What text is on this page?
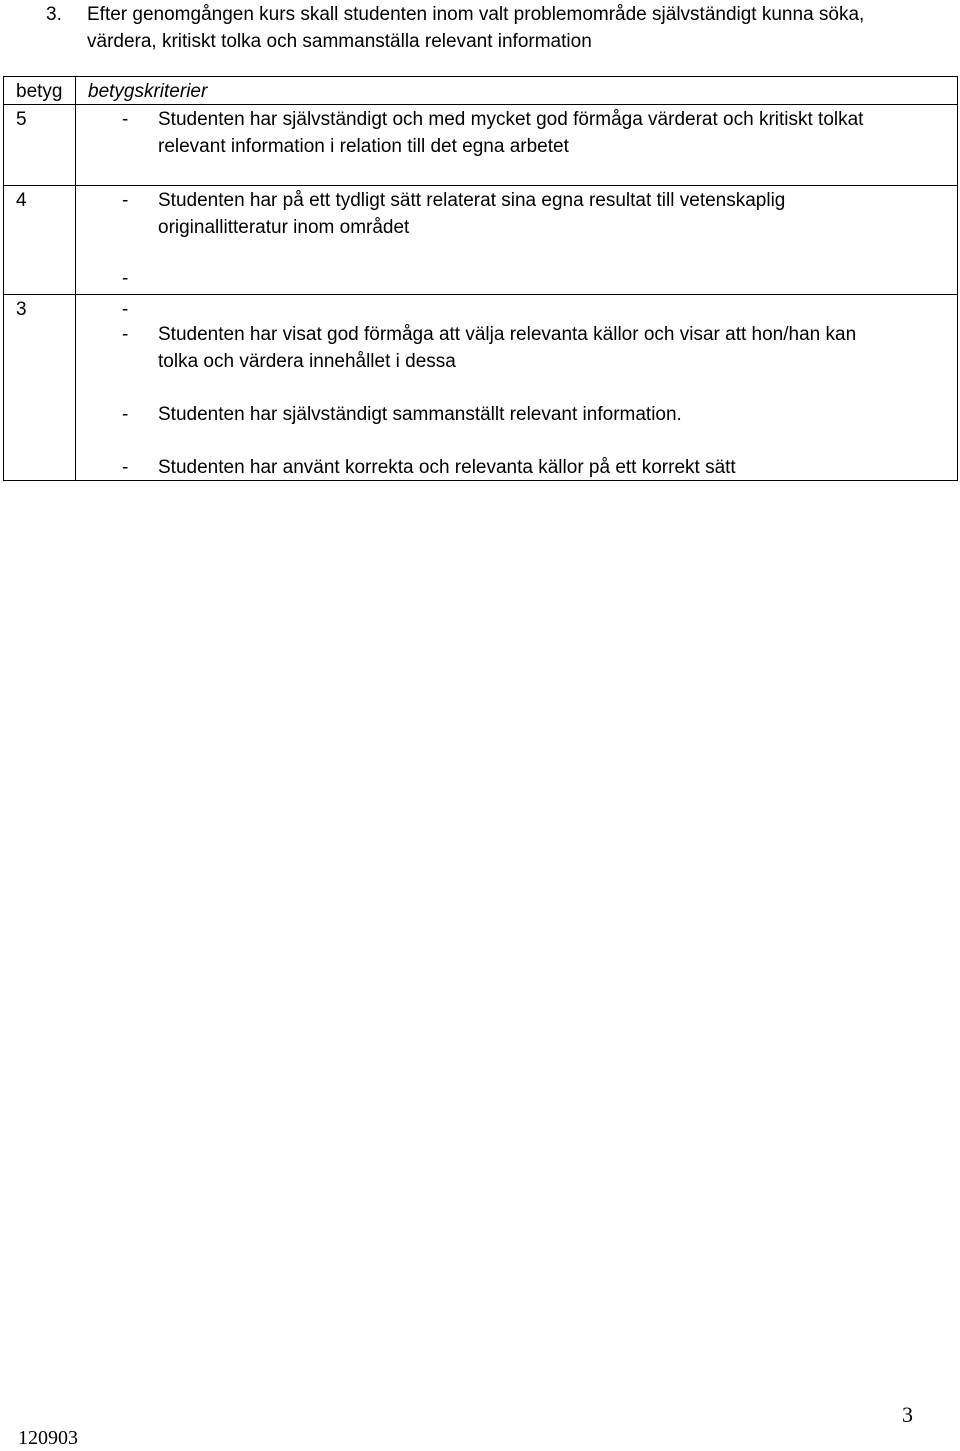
3. Efter genomgången kurs skall studenten inom valt problemområde självständigt kunna söka,
värdera, kritiskt tolka och sammanställa relevant information
betyg betygskriterier
5	- Studenten har självständigt och med mycket god förmåga värderat och kritiskt tolkat
relevant information i relation till det egna arbetet
4	- Studenten har på ett tydligt sätt relaterat sina egna resultat till vetenskaplig
originallitteratur inom området
-
3	-
- Studenten har visat god förmåga att välja relevanta källor och visar att hon/han kan
tolka och värdera innehållet i dessa
- Studenten har självständigt sammanställt relevant information.
- Studenten har använt korrekta och relevanta källor på ett korrekt sätt
120903
3
